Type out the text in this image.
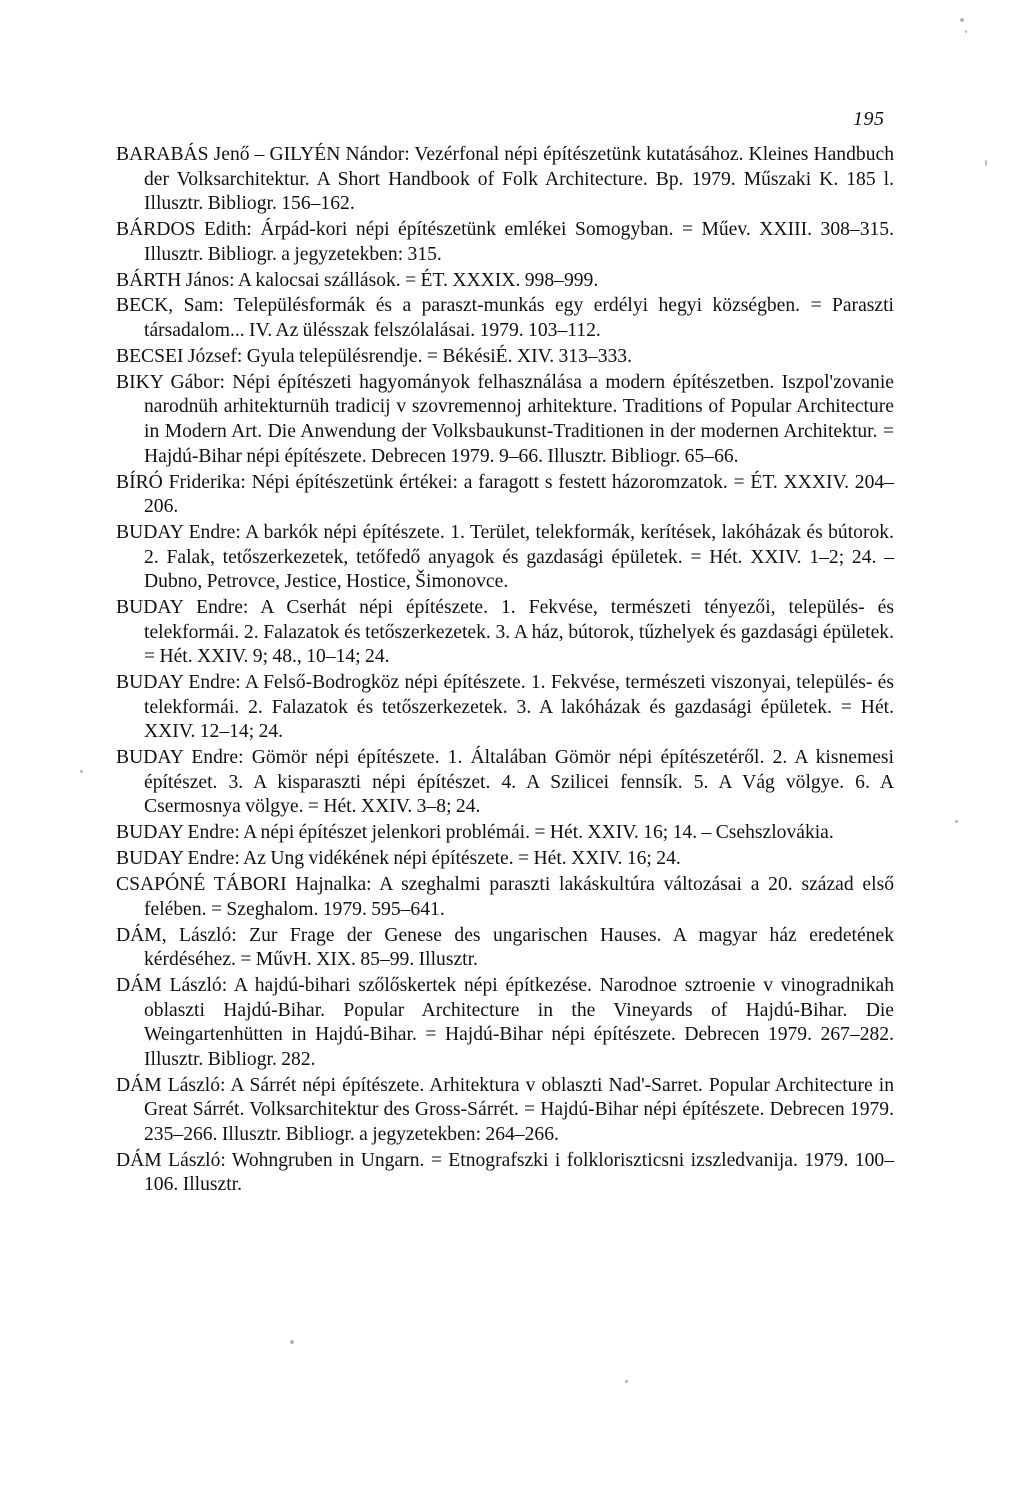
195
BARABÁS Jenő – GILYÉN Nándor: Vezérfonal népi építészetünk kutatásához. Kleines Handbuch der Volksarchitektur. A Short Handbook of Folk Architecture. Bp. 1979. Műszaki K. 185 l. Illusztr. Bibliogr. 156–162.
BÁRDOS Edith: Árpád-kori népi építészetünk emlékei Somogyban. = Műev. XXIII. 308–315. Illusztr. Bibliogr. a jegyzetekben: 315.
BÁRTH János: A kalocsai szállások. = ÉT. XXXIX. 998–999.
BECK, Sam: Településformák és a paraszt-munkás egy erdélyi hegyi községben. = Paraszti társadalom... IV. Az ülésszak felszólalásai. 1979. 103–112.
BECSEI József: Gyula településrendje. = BékésiÉ. XIV. 313–333.
BIKY Gábor: Népi építészeti hagyományok felhasználása a modern építészetben. Iszpol'zovanie narodnüh arhitekturnüh tradicij v szovremennoj arhitekture. Traditions of Popular Architecture in Modern Art. Die Anwendung der Volksbaukunst-Traditionen in der modernen Architektur. = Hajdú-Bihar népi építészete. Debrecen 1979. 9–66. Illusztr. Bibliogr. 65–66.
BÍRÓ Friderika: Népi építészetünk értékei: a faragott s festett házoromzatok. = ÉT. XXXIV. 204–206.
BUDAY Endre: A barkók népi építészete. 1. Terület, telekformák, kerítések, lakóházak és bútorok. 2. Falak, tetőszerkezetek, tetőfedő anyagok és gazdasági épületek. = Hét. XXIV. 1–2; 24. – Dubno, Petrovce, Jestice, Hostice, Šimonovce.
BUDAY Endre: A Cserhát népi építészete. 1. Fekvése, természeti tényezői, település- és telekformái. 2. Falazatok és tetőszerkezetek. 3. A ház, bútorok, tűzhelyek és gazdasági épületek. = Hét. XXIV. 9; 48., 10–14; 24.
BUDAY Endre: A Felső-Bodrogköz népi építészete. 1. Fekvése, természeti viszonyai, település- és telekformái. 2. Falazatok és tetőszerkezetek. 3. A lakóházak és gazdasági épületek. = Hét. XXIV. 12–14; 24.
BUDAY Endre: Gömör népi építészete. 1. Általában Gömör népi építészetéről. 2. A kisnemesi építészet. 3. A kisparaszti népi építészet. 4. A Szilicei fennsík. 5. A Vág völgye. 6. A Csermosnya völgye. = Hét. XXIV. 3–8; 24.
BUDAY Endre: A népi építészet jelenkori problémái. = Hét. XXIV. 16; 14. – Csehszlovákia.
BUDAY Endre: Az Ung vidékének népi építészete. = Hét. XXIV. 16; 24.
CSAPÓNÉ TÁBORI Hajnalka: A szeghalmi paraszti lakáskultúra változásai a 20. század első felében. = Szeghalom. 1979. 595–641.
DÁM, László: Zur Frage der Genese des ungarischen Hauses. A magyar ház eredetének kérdéséhez. = MűvH. XIX. 85–99. Illusztr.
DÁM László: A hajdú-bihari szőlőskertek népi építkezése. Narodnoe sztroenie v vinogradnikah oblaszti Hajdú-Bihar. Popular Architecture in the Vineyards of Hajdú-Bihar. Die Weingartenhütten in Hajdú-Bihar. = Hajdú-Bihar népi építészete. Debrecen 1979. 267–282. Illusztr. Bibliogr. 282.
DÁM László: A Sárrét népi építészete. Arhitektura v oblaszti Nad'-Sarret. Popular Architecture in Great Sárrét. Volksarchitektur des Gross-Sárrét. = Hajdú-Bihar népi építészete. Debrecen 1979. 235–266. Illusztr. Bibliogr. a jegyzetekben: 264–266.
DÁM László: Wohngruben in Ungarn. = Etnografszki i folkloriszticsni izszledvanija. 1979. 100–106. Illusztr.
